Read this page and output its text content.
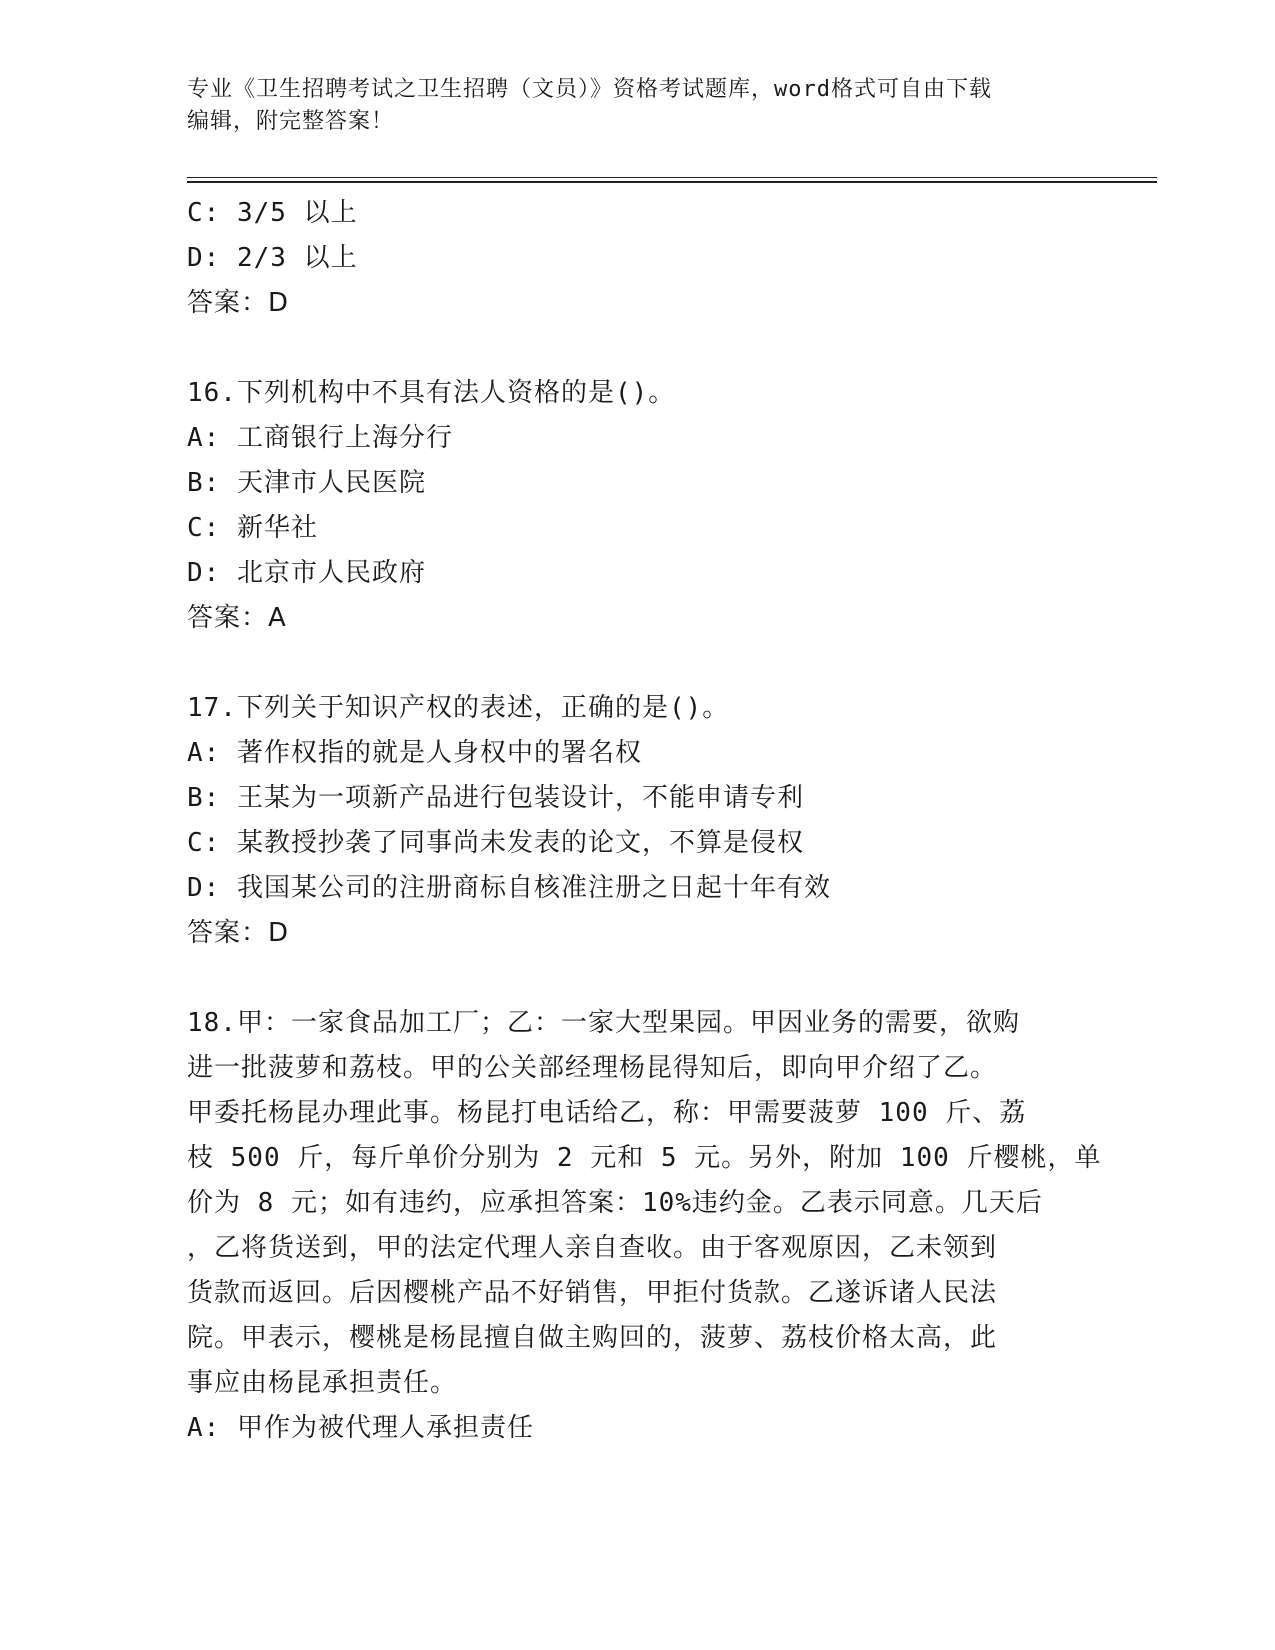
专业《卫生招聘考试之卫生招聘（文员）》资格考试题库，word格式可自由下载
编辑，附完整答案！
C: 3/5 以上
D: 2/3 以上
答案：D
16.下列机构中不具有法人资格的是()。
A: 工商银行上海分行
B: 天津市人民医院
C: 新华社
D: 北京市人民政府
答案：A
17.下列关于知识产权的表述，正确的是()。
A: 著作权指的就是人身权中的署名权
B: 王某为一项新产品进行包装设计，不能申请专利
C: 某教授抄袭了同事尚未发表的论文，不算是侵权
D: 我国某公司的注册商标自核准注册之日起十年有效
答案：D
18.甲：一家食品加工厂；乙：一家大型果园。甲因业务的需要，欲购
进一批菠萝和荔枝。甲的公关部经理杨昆得知后，即向甲介绍了乙。
甲委托杨昆办理此事。杨昆打电话给乙，称：甲需要菠萝 100 斤、荔
枝 500 斤，每斤单价分别为 2 元和 5 元。另外，附加 100 斤樱桃，单
价为 8 元；如有违约，应承担答案：10%违约金。乙表示同意。几天后
，乙将货送到，甲的法定代理人亲自查收。由于客观原因，乙未领到
货款而返回。后因樱桃产品不好销售，甲拒付货款。乙遂诉诸人民法
院。甲表示，樱桃是杨昆擅自做主购回的，菠萝、荔枝价格太高，此
事应由杨昆承担责任。
A: 甲作为被代理人承担责任
